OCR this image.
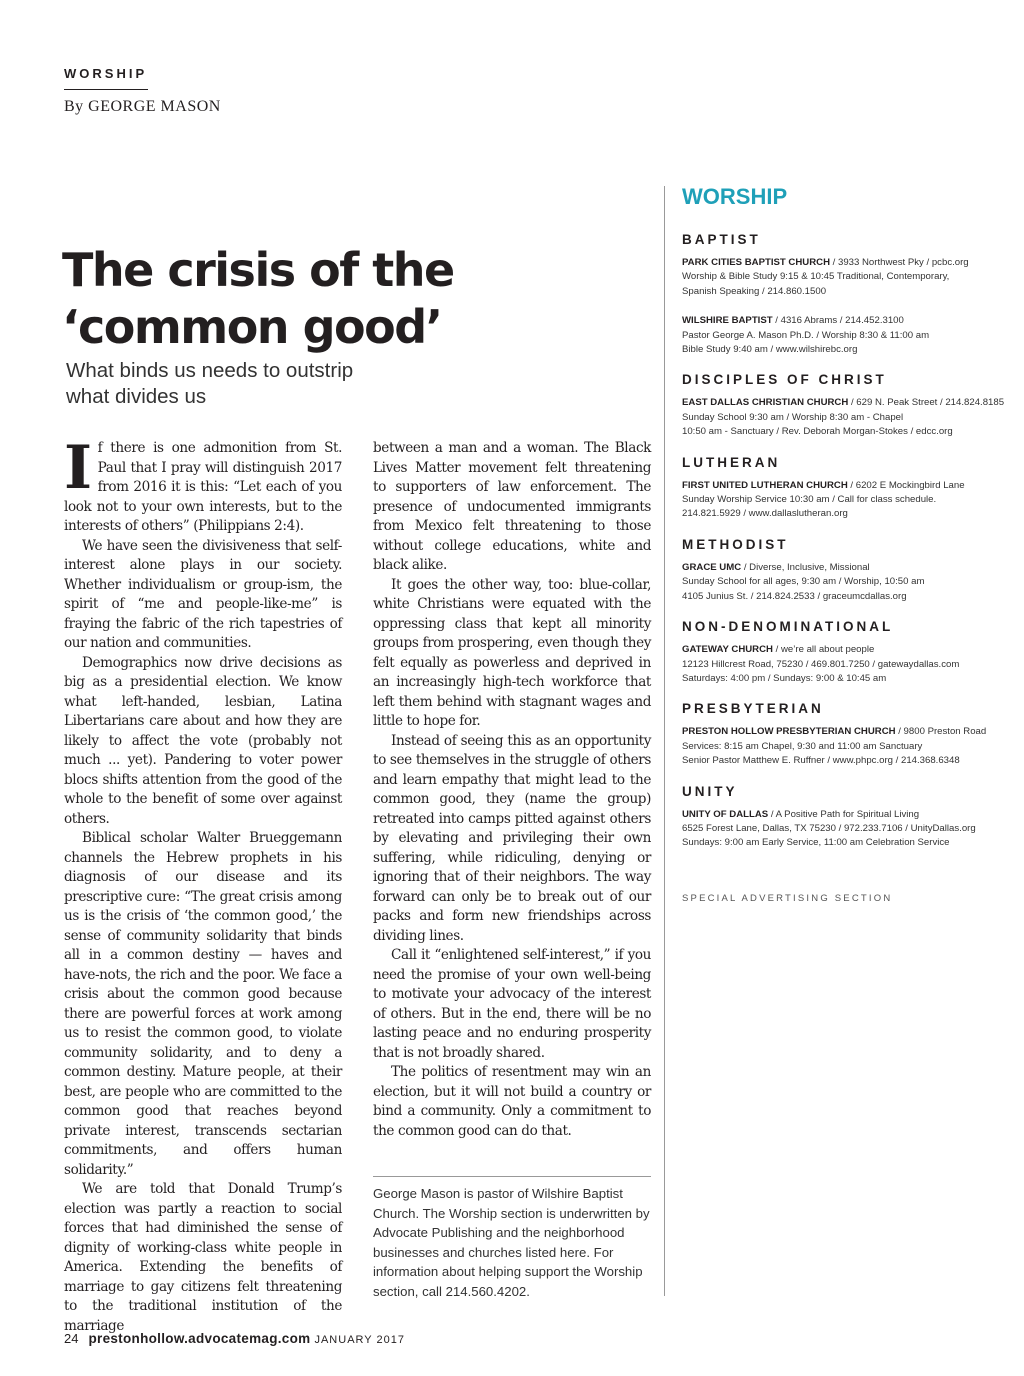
WORSHIP
By GEORGE MASON
The crisis of the
‘common good’
What binds us needs to outstrip
what divides us

If there is one admonition from St. Paul that I pray will distinguish 2017 from 2016 it is this: “Let each of you look not to your own interests, but to the interests of others” (Philippians 2:4).

We have seen the divisiveness that self-interest alone plays in our society. Whether individualism or group-ism, the spirit of “me and people-like-me” is fraying the fabric of the rich tapestries of our nation and communities.

Demographics now drive decisions as big as a presidential election. We know what left-handed, lesbian, Latina Libertarians care about and how they are likely to affect the vote (probably not much ... yet). Pandering to voter power blocs shifts attention from the good of the whole to the benefit of some over against others.

Biblical scholar Walter Brueggemann channels the Hebrew prophets in his diagnosis of our disease and its prescriptive cure: “The great crisis among us is the crisis of ‘the common good,’ the sense of community solidarity that binds all in a common destiny — haves and have-nots, the rich and the poor. We face a crisis about the common good because there are powerful forces at work among us to resist the common good, to violate community solidarity, and to deny a common destiny. Mature people, at their best, are people who are committed to the common good that reaches beyond private interest, transcends sectarian commitments, and offers human solidarity.”

We are told that Donald Trump’s election was partly a reaction to social forces that had diminished the sense of dignity of working-class white people in America. Extending the benefits of marriage to gay citizens felt threatening to the traditional institution of the marriage

between a man and a woman. The Black Lives Matter movement felt threatening to supporters of law enforcement. The presence of undocumented immigrants from Mexico felt threatening to those without college educations, white and black alike.

It goes the other way, too: blue-collar, white Christians were equated with the oppressing class that kept all minority groups from prospering, even though they felt equally as powerless and deprived in an increasingly high-tech workforce that left them behind with stagnant wages and little to hope for.

Instead of seeing this as an opportunity to see themselves in the struggle of others and learn empathy that might lead to the common good, they (name the group) retreated into camps pitted against others by elevating and privileging their own suffering, while ridiculing, denying or ignoring that of their neighbors. The way forward can only be to break out of our packs and form new friendships across dividing lines.

Call it “enlightened self-interest,” if you need the promise of your own well-being to motivate your advocacy of the interest of others. But in the end, there will be no lasting peace and no enduring prosperity that is not broadly shared.

The politics of resentment may win an election, but it will not build a country or bind a community. Only a commitment to the common good can do that.

George Mason is pastor of Wilshire Baptist Church. The Worship section is underwritten by Advocate Publishing and the neighborhood businesses and churches listed here. For information about helping support the Worship section, call 214.560.4202.
WORSHIP
BAPTIST
PARK CITIES BAPTIST CHURCH / 3933 Northwest Pky / pcbc.org
Worship & Bible Study 9:15 & 10:45 Traditional, Contemporary,
Spanish Speaking / 214.860.1500
WILSHIRE BAPTIST / 4316 Abrams / 214.452.3100
Pastor George A. Mason Ph.D. / Worship 8:30 & 11:00 am
Bible Study 9:40 am / www.wilshirebc.org
DISCIPLES OF CHRIST
EAST DALLAS CHRISTIAN CHURCH / 629 N. Peak Street / 214.824.8185
Sunday School 9:30 am / Worship 8:30 am - Chapel
10:50 am - Sanctuary / Rev. Deborah Morgan-Stokes / edcc.org
LUTHERAN
FIRST UNITED LUTHERAN CHURCH / 6202 E Mockingbird Lane
Sunday Worship Service 10:30 am / Call for class schedule.
214.821.5929 / www.dallaslutheran.org
METHODIST
GRACE UMC / Diverse, Inclusive, Missional
Sunday School for all ages, 9:30 am / Worship, 10:50 am
4105 Junius St. / 214.824.2533 / graceumcdallas.org
NON-DENOMINATIONAL
GATEWAY CHURCH / we’re all about people
12123 Hillcrest Road, 75230 / 469.801.7250 / gatewaydallas.com
Saturdays: 4:00 pm / Sundays: 9:00 & 10:45 am
PRESBYTERIAN
PRESTON HOLLOW PRESBYTERIAN CHURCH / 9800 Preston Road
Services: 8:15 am Chapel, 9:30 and 11:00 am Sanctuary
Senior Pastor Matthew E. Ruffner / www.phpc.org / 214.368.6348
UNITY
UNITY OF DALLAS / A Positive Path for Spiritual Living
6525 Forest Lane, Dallas, TX 75230 / 972.233.7106 / UnityDallas.org
Sundays: 9:00 am Early Service, 11:00 am Celebration Service
SPECIAL ADVERTISING SECTION
24 prestonhollow.advocatemag.com JANUARY 2017
